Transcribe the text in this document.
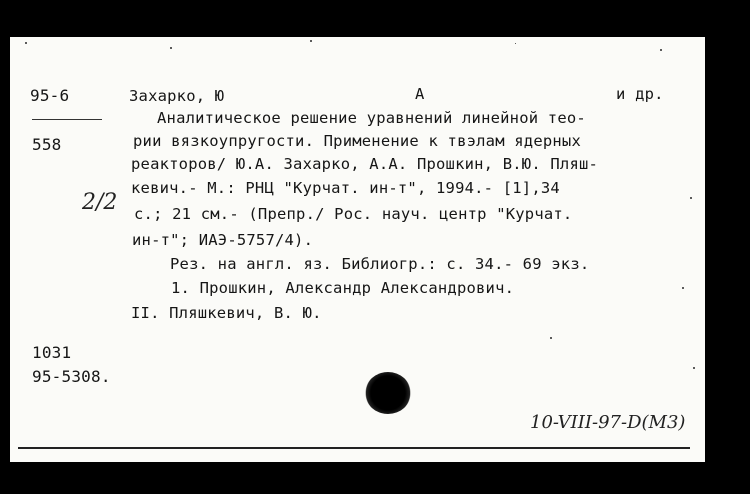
95-6
558
Захарко, Ю	А	и др.
Аналитическое решение уравнений линейной тео-
рии вязкоупругости. Применение к твэлам ядерных
реакторов/ Ю.А. Захарко, А.А. Прошкин, В.Ю. Пляш-
кевич.- М.: РНЦ "Курчат. ин-т", 1994.- [1],34
с.; 21 см.- (Препр./ Рос. науч. центр "Курчат.
ин-т"; ИАЭ-5757/4).
Рез. на англ. яз. Библиогр.: с. 34.- 69 экз.
1. Прошкин, Александр Александрович.
II. Пляшкевич, В. Ю.
2/2
1031
95-5308.
10-VIII-97-D(M3)
